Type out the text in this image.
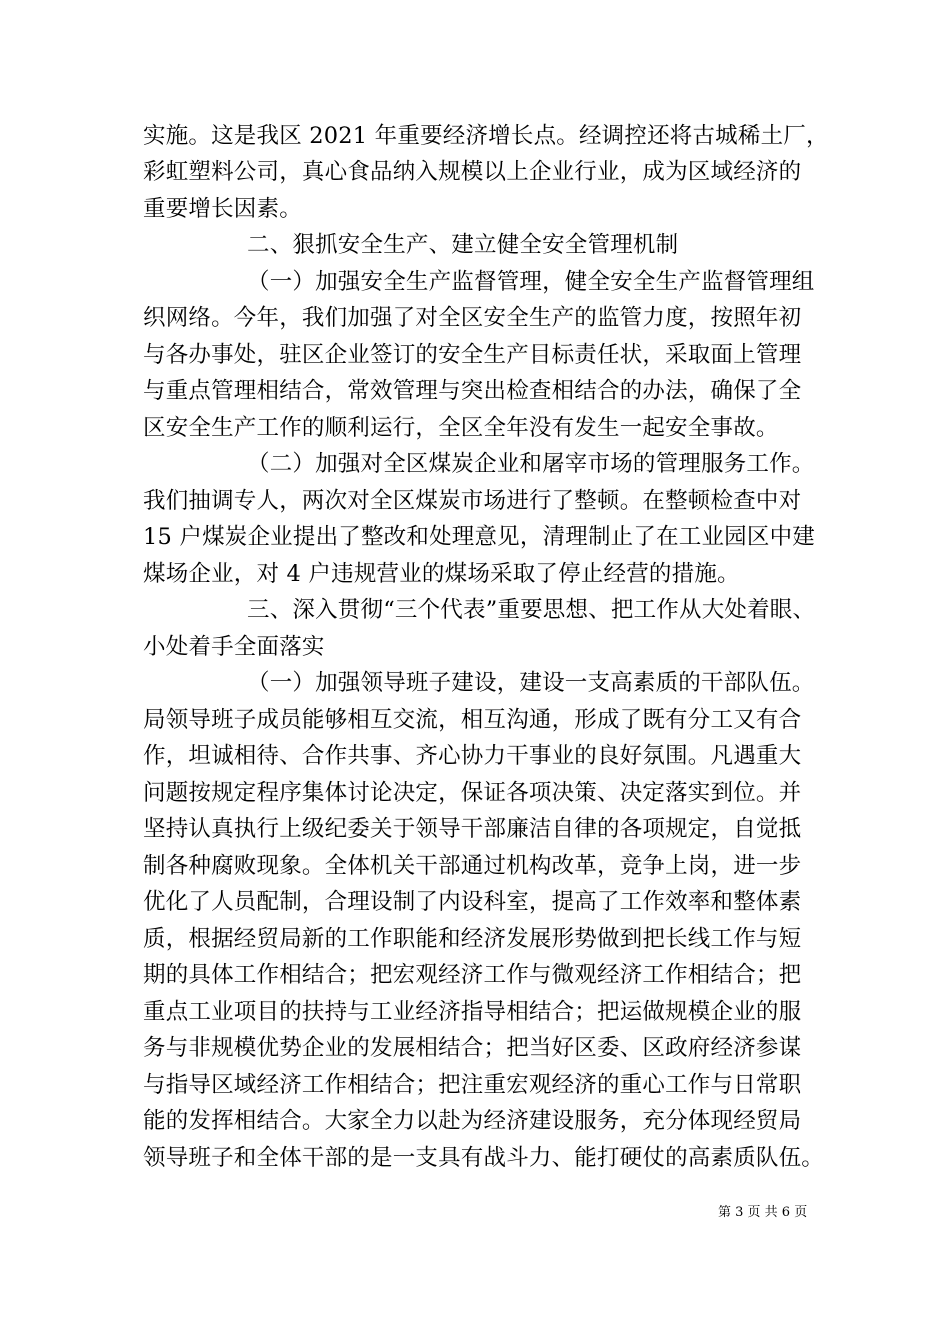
实施。这是我区 2021 年重要经济增长点。经调控还将古城稀土厂，
彩虹塑料公司，真心食品纳入规模以上企业行业，成为区域经济的
重要增长因素。
二、狠抓安全生产、建立健全安全管理机制
（一）加强安全生产监督管理，健全安全生产监督管理组
织网络。今年，我们加强了对全区安全生产的监管力度，按照年初
与各办事处，驻区企业签订的安全生产目标责任状，采取面上管理
与重点管理相结合，常效管理与突出检查相结合的办法，确保了全
区安全生产工作的顺利运行，全区全年没有发生一起安全事故。
（二）加强对全区煤炭企业和屠宰市场的管理服务工作。
我们抽调专人，两次对全区煤炭市场进行了整顿。在整顿检查中对
15 户煤炭企业提出了整改和处理意见，清理制止了在工业园区中建
煤场企业，对 4 户违规营业的煤场采取了停止经营的措施。
三、深入贯彻“三个代表”重要思想、把工作从大处着眼、
小处着手全面落实
（一）加强领导班子建设，建设一支高素质的干部队伍。
局领导班子成员能够相互交流，相互沟通，形成了既有分工又有合
作，坦诚相待、合作共事、齐心协力干事业的良好氛围。凡遇重大
问题按规定程序集体讨论决定，保证各项决策、决定落实到位。并
坚持认真执行上级纪委关于领导干部廉洁自律的各项规定，自觉抵
制各种腐败现象。全体机关干部通过机构改革，竞争上岗，进一步
优化了人员配制，合理设制了内设科室，提高了工作效率和整体素
质，根据经贸局新的工作职能和经济发展形势做到把长线工作与短
期的具体工作相结合；把宏观经济工作与微观经济工作相结合；把
重点工业项目的扶持与工业经济指导相结合；把运做规模企业的服
务与非规模优势企业的发展相结合；把当好区委、区政府经济参谋
与指导区域经济工作相结合；把注重宏观经济的重心工作与日常职
能的发挥相结合。大家全力以赴为经济建设服务，充分体现经贸局
领导班子和全体干部的是一支具有战斗力、能打硬仗的高素质队伍。
第 3 页 共 6 页
